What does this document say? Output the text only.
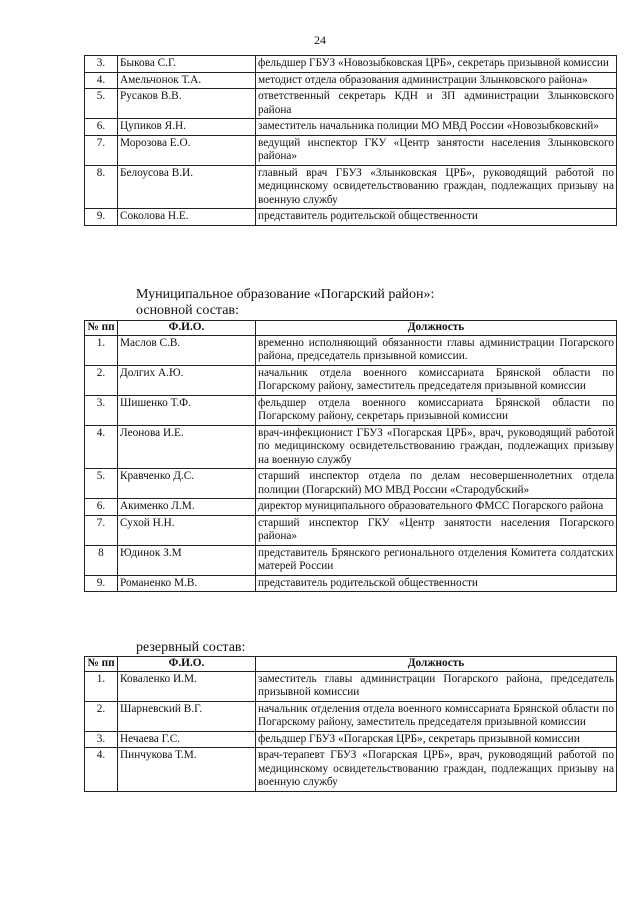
24
3.	Быкова С.Г.	фельдшер ГБУЗ «Новозыбковская ЦРБ», секретарь призывной комиссии
4.	Амельчонок Т.А.	методист отдела образования администрации Злынковского района»
5.	Русаков В.В.	ответственный секретарь КДН и ЗП администрации Злынковского района
6.	Цупиков Я.Н.	заместитель начальника полиции МО МВД России «Новозыбковский»
7.	Морозова Е.О.	ведущий инспектор ГКУ «Центр занятости населения Злынковского района»
8.	Белоусова В.И.	главный врач ГБУЗ «Злынковская ЦРБ», руководящий работой по медицинскому освидетельствованию граждан, подлежащих призыву на военную службу
9.	Соколова Н.Е.	представитель родительской общественности
Муниципальное образование «Погарский район»:
основной состав:
№ пп	Ф.И.О.	Должность
1.	Маслов С.В.	временно исполняющий обязанности главы администрации Погарского района, председатель призывной комиссии.
2.	Долгих А.Ю.	начальник отдела военного комиссариата Брянской области по Погарскому району, заместитель председателя призывной комиссии
3.	Шишенко Т.Ф.	фельдшер отдела военного комиссариата Брянской области по Погарскому району, секретарь призывной комиссии
4.	Леонова И.Е.	врач-инфекционист ГБУЗ «Погарская ЦРБ», врач, руководящий работой по медицинскому освидетельствованию граждан, подлежащих призыву на военную службу
5.	Кравченко Д.С.	старший инспектор отдела по делам несовершеннолетних отдела полиции (Погарский) МО МВД России «Стародубский»
6.	Акименко Л.М.	директор муниципального образовательного ФМСС Погарского района
7.	Сухой Н.Н.	старший инспектор ГКУ «Центр занятости населения Погарского района»
8	Юдинок З.М	представитель Брянского регионального отделения Комитета солдатских матерей России
9.	Романенко М.В.	представитель родительской общественности
резервный состав:
№ пп	Ф.И.О.	Должность
1.	Коваленко И.М.	заместитель главы администрации Погарского района, председатель призывной комиссии
2.	Шарневский В.Г.	начальник отделения отдела военного комиссариата Брянской области по Погарскому району, заместитель председателя призывной комиссии
3.	Нечаева Г.С.	фельдшер ГБУЗ «Погарская ЦРБ», секретарь призывной комиссии
4.	Пинчукова Т.М.	врач-терапевт ГБУЗ «Погарская ЦРБ», врач, руководящий работой по медицинскому освидетельствованию граждан, подлежащих призыву на военную службу
